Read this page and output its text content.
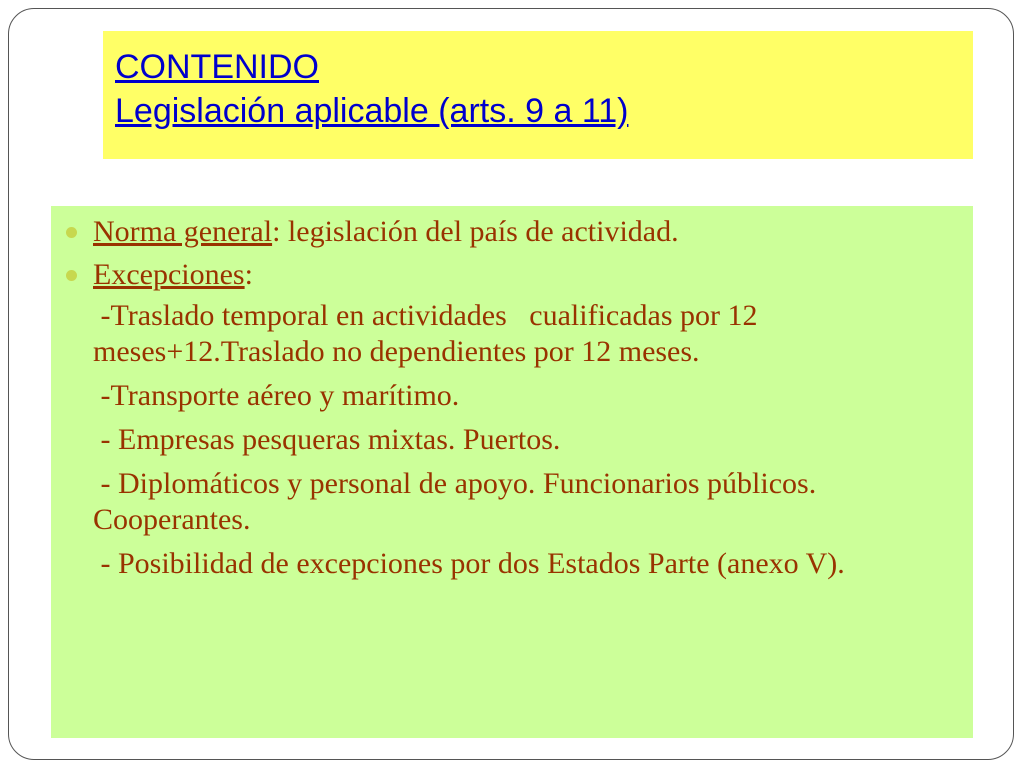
CONTENIDO
Legislación aplicable (arts. 9 a 11)
Norma general: legislación del país de actividad.
Excepciones:
-Traslado temporal en actividades   cualificadas por 12 meses+12.Traslado no dependientes por 12 meses.
-Transporte aéreo y marítimo.
- Empresas pesqueras mixtas. Puertos.
- Diplomáticos y personal de apoyo. Funcionarios públicos. Cooperantes.
- Posibilidad de excepciones por dos Estados Parte (anexo V).
